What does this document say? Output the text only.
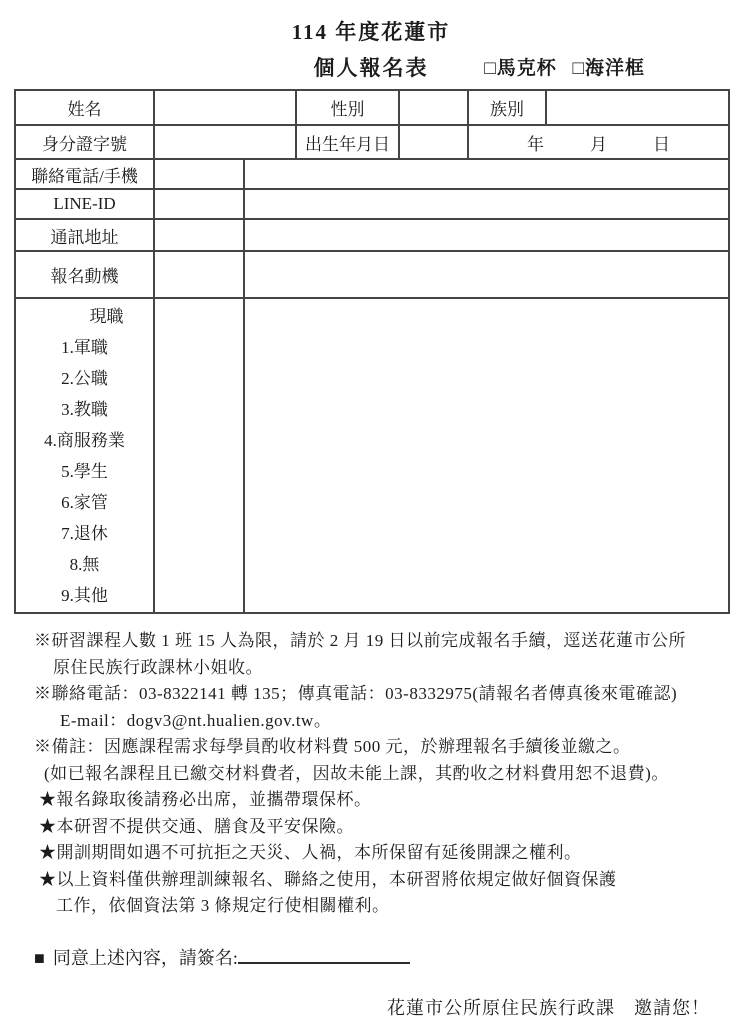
114 年度花蓮市
個人報名表	□馬克杯 □海洋框
姓名			性別		族別	
身分證字號			出生年月日		年 月 日	

聯絡電話/手機						
LINE-ID						
通訊地址						
報名動機						

現職
1.軍職
2.公職
3.教職
4.商服務業
5.學生
6.家管
7.退休
8.無
9.其他

※研習課程人數 1 班 15 人為限，請於 2 月 19 日以前完成報名手續，逕送花蓮市公所
原住民族行政課林小姐收。
※聯絡電話：03-8322141 轉 135；傳真電話：03-8332975(請報名者傳真後來電確認)
E-mail：dogv3@nt.hualien.gov.tw。
※備註：因應課程需求每學員酌收材料費 500 元，於辦理報名手續後並繳之。
(如已報名課程且已繳交材料費者，因故未能上課，其酌收之材料費用恕不退費)。
★報名錄取後請務必出席，並攜帶環保杯。
★本研習不提供交通、膳食及平安保險。
★開訓期間如遇不可抗拒之天災、人禍，本所保留有延後開課之權利。
★以上資料僅供辦理訓練報名、聯絡之使用，本研習將依規定做好個資保護
工作，依個資法第 3 條規定行使相關權利。
■ 同意上述內容，請簽名:
花蓮市公所原住民族行政課　邀請您！
